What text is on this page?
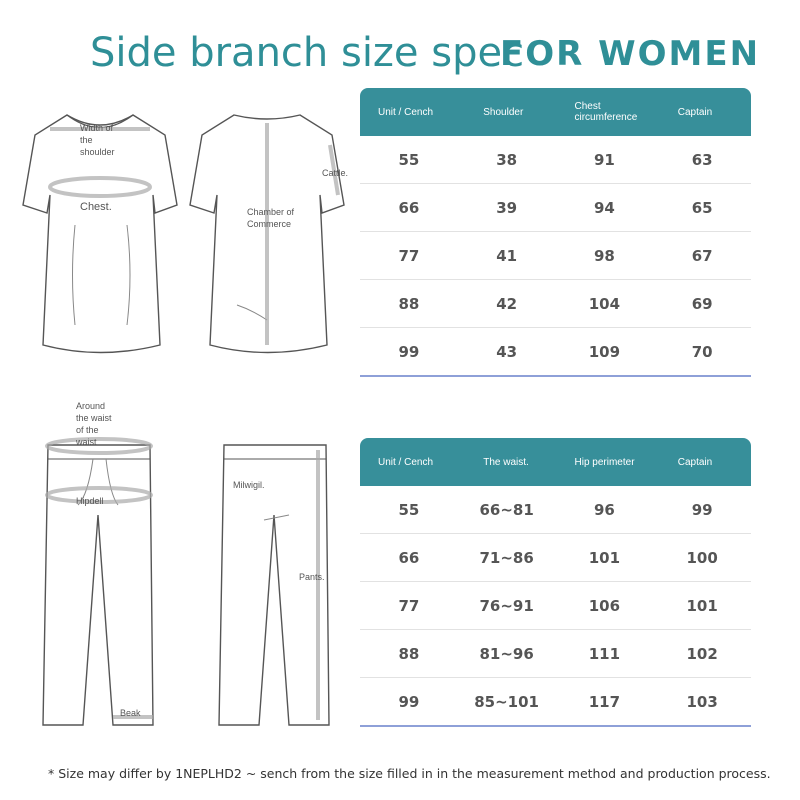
Side branch size spec
FOR WOMEN
Width of the shoulder
Chest.	Chamber of Commerce
Cattle.
Unit / Cench	Shoulder	Chest circumference	Captain
55	38	91	63
66	39	94	65
77	41	98	67
88	42	104	69
99	43	109	70
Around the waist of the waist
Hipdell
Beak
Milwigil.
Pants.
Unit / Cench	The waist.	Hip perimeter	Captain
55	66~81	96	99
66	71~86	101	100
77	76~91	106	101
88	81~96	111	102
99	85~101	117	103
* Size may differ by 1NEPLHD2 ~ sench from the size filled in in the measurement method and production process.
